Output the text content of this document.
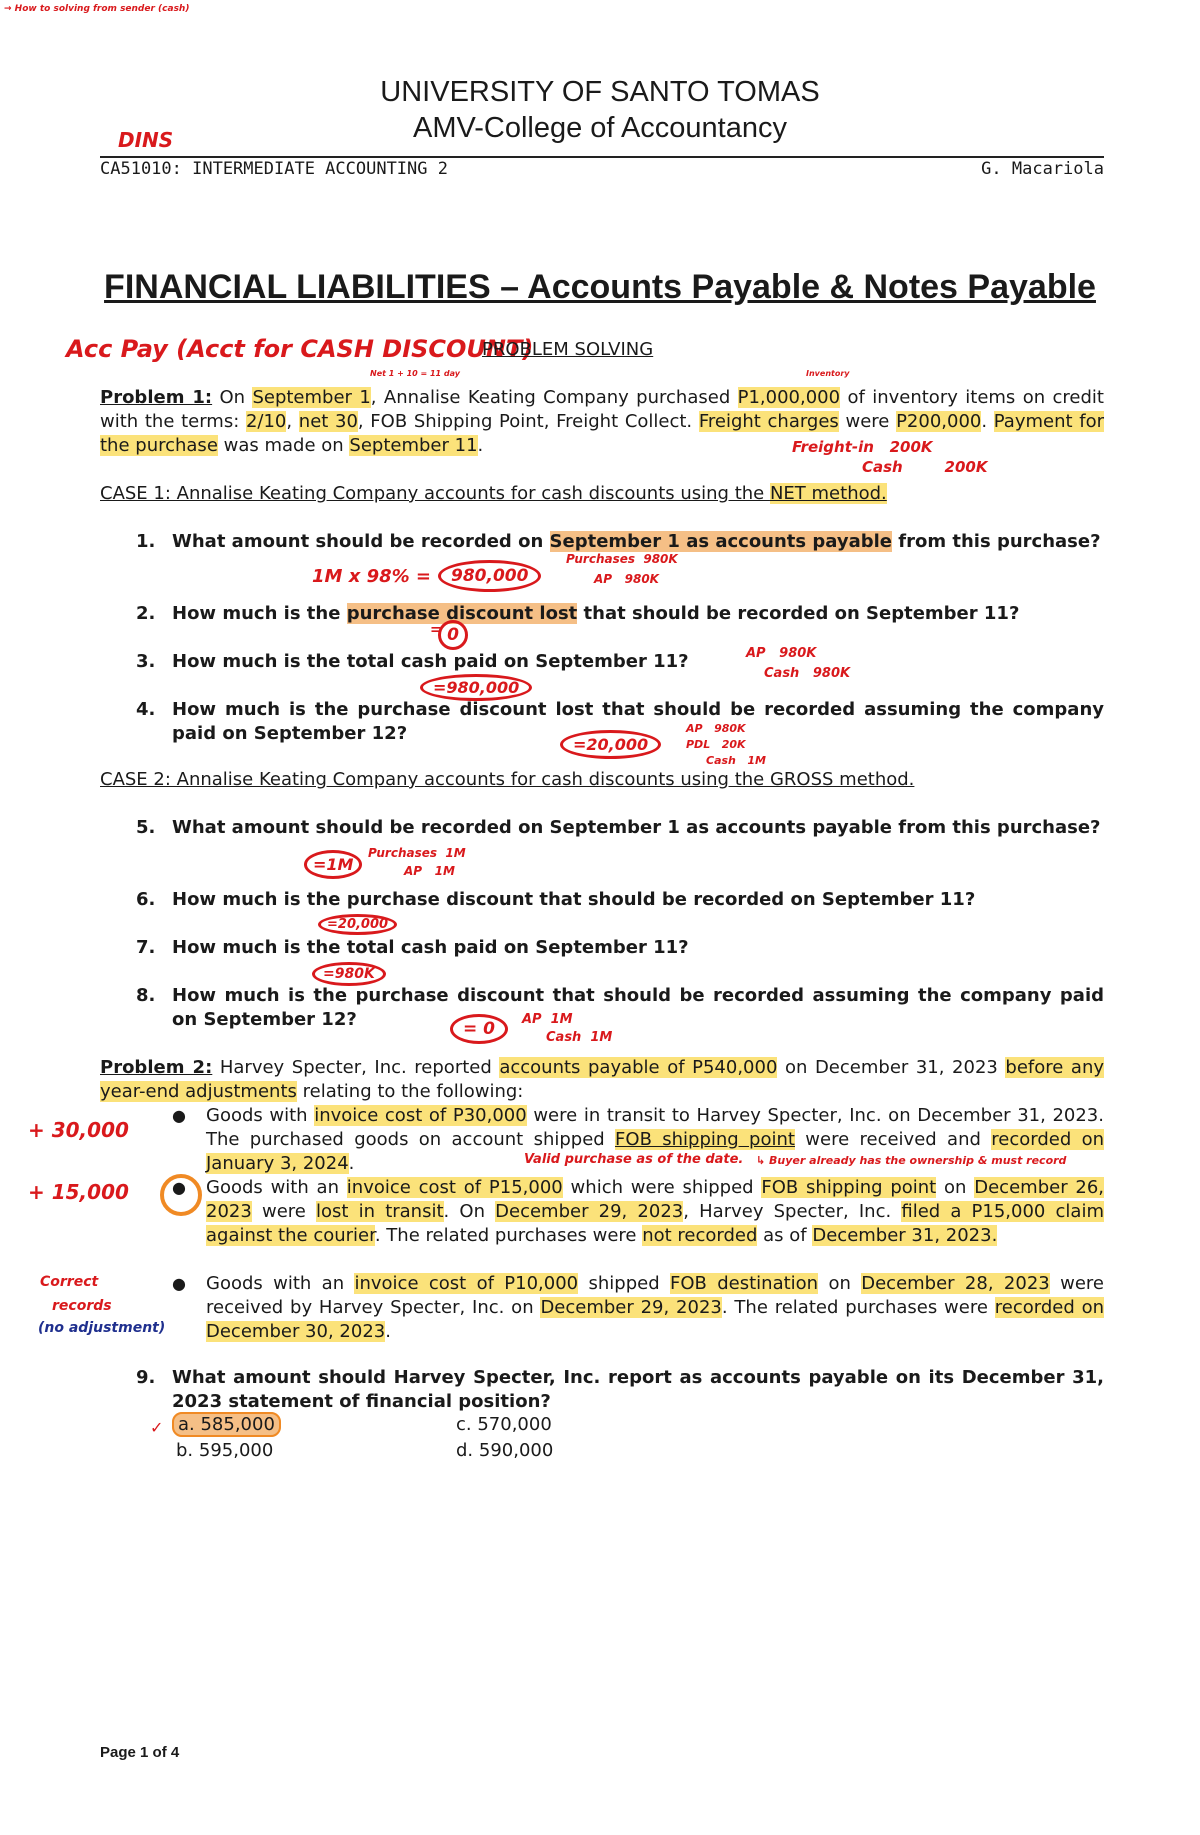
→ How to solving from sender (cash)
UNIVERSITY OF SANTO TOMAS
AMV-College of Accountancy
DINS
CA51010: INTERMEDIATE ACCOUNTING 2	G. Macariola
FINANCIAL LIABILITIES – Accounts Payable & Notes Payable
Acc Pay (Acct for CASH DISCOUNT)
PROBLEM SOLVING
Net 1 + 10 = 11 day	Inventory
Problem 1: On September 1, Annalise Keating Company purchased P1,000,000 of inventory items on credit with the terms: 2/10, net 30, FOB Shipping Point, Freight Collect. Freight charges were P200,000. Payment for the purchase was made on September 11.	Freight-in   200K
Cash        200K
CASE 1: Annalise Keating Company accounts for cash discounts using the NET method.
1. What amount should be recorded on September 1 as accounts payable from this purchase?
2. How much is the purchase discount lost that should be recorded on September 11?
3. How much is the total cash paid on September 11?
4. How much is the purchase discount lost that should be recorded assuming the company paid on September 12?
1M x 98% =	980,000
Purchases  980K
AP   980K
= 0
AP   980K
Cash   980K
=980,000
=20,000
AP   980K
PDL   20K
Cash   1M
CASE 2: Annalise Keating Company accounts for cash discounts using the GROSS method.
5. What amount should be recorded on September 1 as accounts payable from this purchase?
6. How much is the purchase discount that should be recorded on September 11?
7. How much is the total cash paid on September 11?
8. How much is the purchase discount that should be recorded assuming the company paid on September 12?
=1M
Purchases  1M
AP   1M
=20,000
=980K
= 0	AP  1M
Cash  1M
Problem 2: Harvey Specter, Inc. reported accounts payable of P540,000 on December 31, 2023 before any year-end adjustments relating to the following:
● Goods with invoice cost of P30,000 were in transit to Harvey Specter, Inc. on December 31, 2023. The purchased goods on account shipped FOB shipping point were received and recorded on January 3, 2024.	Valid purchase as of the date. ↳ Buyer already has the ownership & must record
● Goods with an invoice cost of P15,000 which were shipped FOB shipping point on December 26, 2023 were lost in transit. On December 29, 2023, Harvey Specter, Inc. filed a P15,000 claim against the courier. The related purchases were not recorded as of December 31, 2023.
● Goods with an invoice cost of P10,000 shipped FOB destination on December 28, 2023 were received by Harvey Specter, Inc. on December 29, 2023. The related purchases were recorded on December 30, 2023.
+ 30,000
+ 15,000
Correct
records
(no adjustment)
9. What amount should Harvey Specter, Inc. report as accounts payable on its December 31, 2023 statement of financial position?
✓ a. 585,000
b. 595,000
c. 570,000
d. 590,000
Page 1 of 4
